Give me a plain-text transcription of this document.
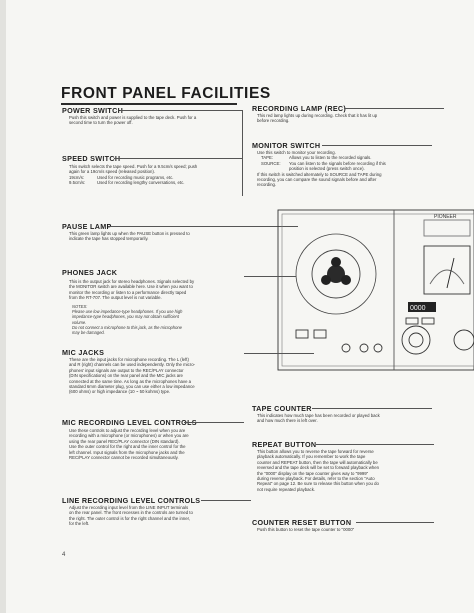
FRONT PANEL FACILITIES
POWER SWITCH

Push this switch and power is supplied to the tape deck. Push for a

second time to turn the power off.

SPEED SWITCH

This switch selects the tape speed. Push for a 9.5cm/s speed; push

again for a 19cm/s speed (released position).

19cm/s:	Used for recording music programs, etc.
9.5cm/s:	Used for recording lengthy conversations, etc.
PAUSE LAMP

This green lamp lights up when the PAUSE button is pressed to

indicate the tape has stopped temporarily.

PHONES JACK

This is the output jack for stereo headphones. Signals selected by

the MONITOR switch are available here. Use it when you want to

monitor the recording or listen to a performance directly taped

from the RT-707. The output level is not variable.

NOTES:

Please use low impedance-type headphones. If you use high

impedance-type headphones, you may not obtain sufficient

volume.

Do not connect a microphone to this jack, as the microphone

may be damaged.

MIC JACKS

These are the input jacks for microphone recording. The L (left)

and R (right) channels can be used independently. Only the micro-

phones' input signals are output to the REC/PLAY connector

(DIN specifications) on the rear panel and the MIC jacks are

connected at the same time. As long as the microphones have a

standard 6mm diameter plug, you can use either a low impedance

(600 ohms) or high impedance (10 ~ 50 kohms) type.

MIC RECORDING LEVEL CONTROLS

Use these controls to adjust the recording level when you are

recording with a microphone (or microphones) or when you are

using the rear panel REC/PLAY connector (DIN standard).

Use the outer control for the right and the inner control for the

left channel. Input signals from the microphone jacks and the

REC/PLAY connector cannot be recorded simultaneously.

LINE RECORDING LEVEL CONTROLS

Adjust the recording input level from the LINE INPUT terminals

on the rear panel. The front recesses in the controls are turned to

the right. The outer control is for the right channel and the inner,

for the left.

4
RECORDING LAMP (REC)

This red lamp lights up during recording. Check that it has lit up

before recording.

MONITOR SWITCH

Use this switch to monitor your recording.

TAPE:	Allows you to listen to the recorded signals.
SOURCE:	You can listen to the signals before recording if this
position is selected (press switch once).

If this switch is switched alternately to SOURCE and TAPE during

recording, you can compare the sound signals before and after

recording.

0000
PIONEER
TAPE COUNTER

This indicates how much tape has been recorded or played back

and how much there is left over.

REPEAT BUTTON

This button allows you to reverse the tape forward for reverse

playback automatically. If you remember to work the tape

counter and REPEAT button, then the tape will automatically be

reversed and the tape deck will be set to forward playback when

the "0000" display on the tape counter gives way to "9999"

during reverse playback. For details, refer to the section "Auto

Repeat" on page 12. Be sure to release this button when you do

not require repeated playback.

COUNTER RESET BUTTON

Push this button to reset the tape counter to "0000"
